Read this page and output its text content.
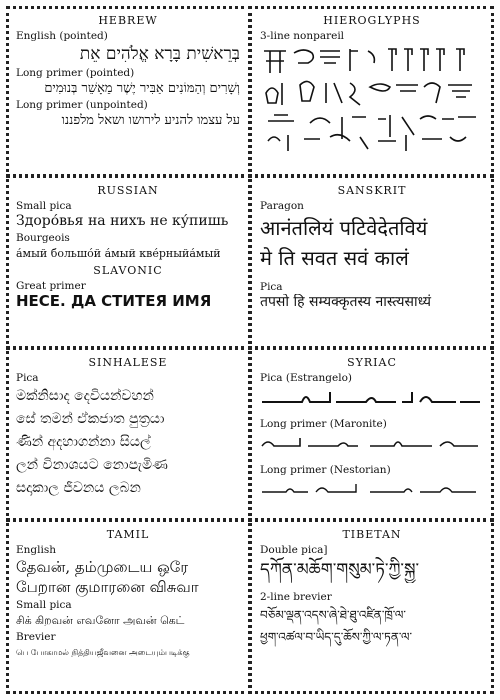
HEBREW
English (pointed)
בְּרֵאשִׁית בָּרָא אֱלֹהִים אֵת
Long primer (pointed)
וְשָׁרִים וְהַמּוֹנִים אַבִּיר יֶשֶׁר מֵאָשֵׁר בְּנוּמִים
Long primer (unpointed)
על עצמו להניע לירושו ושאל מלפננו
HIEROGLYPHS
3-line nonpareil
RUSSIAN
Small pica
Здоро́вья на нихъ не ку́пишь
Bourgeois
а́мый большо́й а́мый кве́рныйа́мый
SLAVONIC
Great primer
НЕСЕ. ДА СТИТЕЯ ИМЯ
SANSKRIT
Paragon
आनंतलियं पटिवेदेतवियं
मे ति सवत सवं कालं
Pica
तपसो हि सम्यक्कृतस्य नास्त्यसाध्यं
SINHALESE
Pica
මක්නිසාද දෙවියන්වහන්
සේ තමන් ඒකජාත පුත්‍රයා
ණින් අදහාගන්නා සියල්
ලන් විනාශයට නොපැමිණ
සදාකාල ජීවනය ලබන
SYRIAC
Pica (Estrangelo)
Long primer (Maronite)
Long primer (Nestorian)
TAMIL
English
தேவன், தம்முடைய ஒரே
பேறான குமாரனை விசுவா
Small pica
சிக் கிறவன் எவனோ அவன் கெட்
Brevier
பெ போகாமல் நித்தியஜீவனை அடையும்படிக்கு
TIBETAN
Double pica]
དཀོན་མཆོག་གསུམ་ཏེ་ཀྱི་སྐྱ་
2-line brevier
བཅོམ་ལྡན་འདས་ཞེ་ཐེ་ཐུ་འཛིན་ཁྲོ་ལ་
ཕྱག་འཚལ་བ་ཡིད་དུ་ཆོས་ཀྱི་ལ་ཏན་ལ་
